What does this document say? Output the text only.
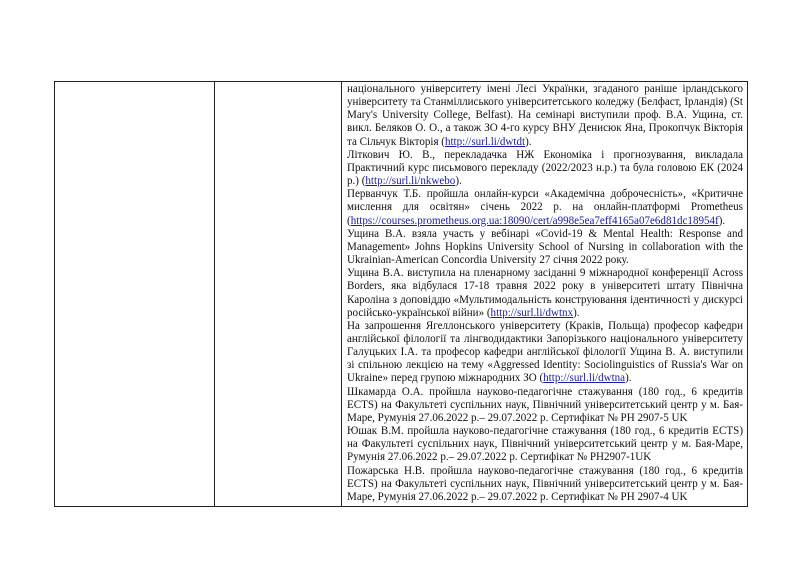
національного університету імені Лесі Українки, згаданого раніше ірландського університету та Станміллиського університетського коледжу (Белфаст, Ірландія) (St Mary's University College, Belfast). На семінарі виступили проф. В.А. Ущина, ст. викл. Беляков О. О., а також ЗО 4-го курсу ВНУ Денисюк Яна, Прокопчук Вікторія та Сільчук Вікторія (http://surl.li/dwtdt).

Літкович Ю. В., перекладачка НЖ Економіка і прогнозування, викладала Практичний курс письмового перекладу (2022/2023 н.р.) та була головою ЕК (2024 р.) (http://surl.li/nkwebo).

Перванчук Т.Б. пройшла онлайн-курси «Академічна доброчесність», «Критичне мислення для освітян» січень 2022 р. на онлайн-платформі Prometheus (https://courses.prometheus.org.ua:18090/cert/a998e5ea7eff4165a07e6d81dc18954f).

Ущина В.А. взяла участь у вебінарі «Covid-19 & Mental Health: Response and Management» Johns Hopkins University School of Nursing in collaboration with the Ukrainian-American Concordia University 27 січня 2022 року.

Ущина В.А. виступила на пленарному засіданні 9 міжнародної конференції Across Borders, яка відбулася 17-18 травня 2022 року в університеті штату Північна Кароліна з доповіддю «Мультимодальність конструювання ідентичності у дискурсі російсько-української війни» (http://surl.li/dwtnx).

На запрошення Ягеллонського університету (Краків, Польща) професор кафедри англійської філології та лінгводидактики Запорізького національного університету Галуцьких І.А. та професор кафедри англійської філології Ущина В. А. виступили зі спільною лекцією на тему «Aggressed Identity: Sociolinguistics of Russia's War on Ukraine» перед групою міжнародних ЗО (http://surl.li/dwtna).

Шкамарда О.А. пройшла науково-педагогічне стажування (180 год., 6 кредитів ECTS) на Факультеті суспільних наук, Північний університетський центр у м. Бая-Маре, Румунія 27.06.2022 р.– 29.07.2022 р. Сертифікат № PH 2907-5 UK

Юшак В.М. пройшла науково-педагогічне стажування (180 год., 6 кредитів ECTS) на Факультеті суспільних наук, Північний університетський центр у м. Бая-Маре, Румунія 27.06.2022 р.– 29.07.2022 р. Сертифікат № PH2907-1UK

Пожарська Н.В. пройшла науково-педагогічне стажування (180 год., 6 кредитів ECTS) на Факультеті суспільних наук, Північний університетський центр у м. Бая-Маре, Румунія 27.06.2022 р.– 29.07.2022 р. Сертифікат № PH 2907-4 UK
